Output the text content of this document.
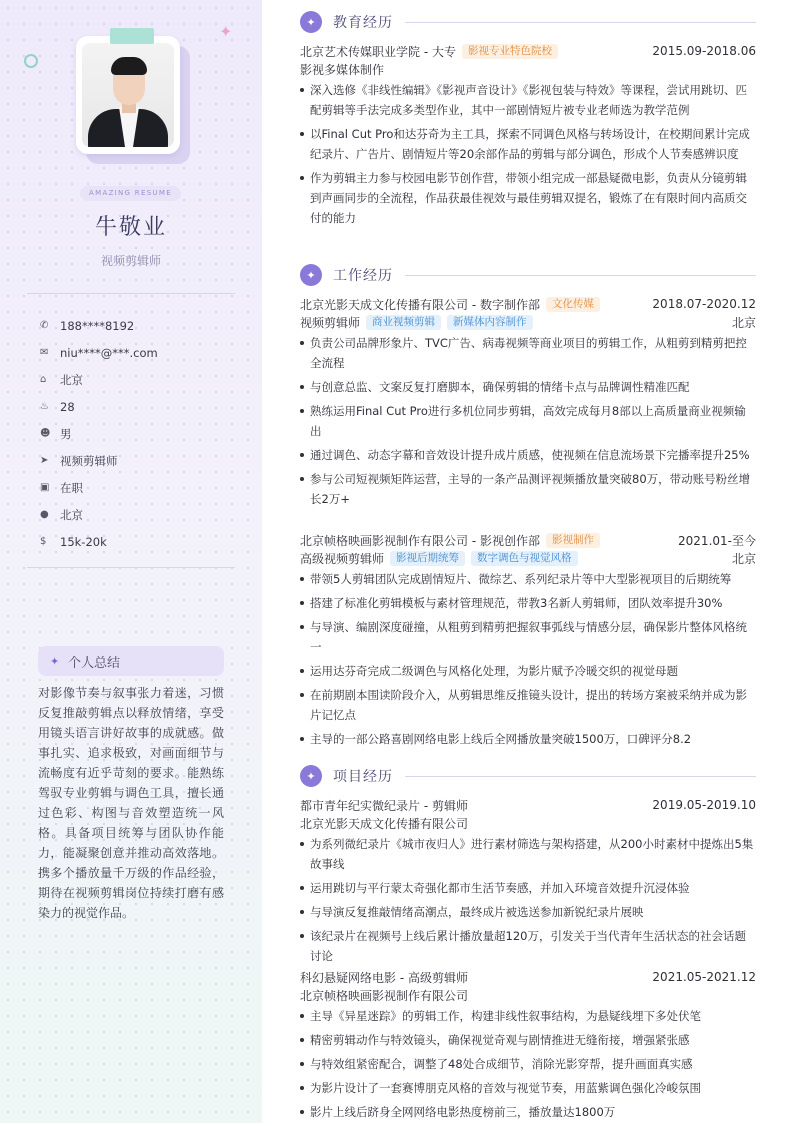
✦
AMAZING RESUME
牛敬业
视频剪辑师
✆	188****8192
✉	niu****@***.com
⌂	北京
♨ 28
☻ 男
➤	视频剪辑师
▣ 在职
● 北京
$	15k-20k
✦ 个人总结
对影像节奏与叙事张力着迷，习惯反复推敲剪辑点以释放情绪，享受用镜头语言讲好故事的成就感。做事扎实、追求极致，对画面细节与流畅度有近乎苛刻的要求。能熟练驾驭专业剪辑与调色工具，擅长通过色彩、构图与音效塑造统一风格。具备项目统筹与团队协作能力，能凝聚创意并推动高效落地。携多个播放量千万级的作品经验，期待在视频剪辑岗位持续打磨有感染力的视觉作品。
✦	教育经历
北京艺术传媒职业学院 - 大专	影视专业特色院校	2015.09-2018.06
影视多媒体制作
深入选修《非线性编辑》《影视声音设计》《影视包装与特效》等课程，尝试用跳切、匹配剪辑等手法完成多类型作业，其中一部剧情短片被专业老师选为教学范例
以Final Cut Pro和达芬奇为主工具，探索不同调色风格与转场设计，在校期间累计完成纪录片、广告片、剧情短片等20余部作品的剪辑与部分调色，形成个人节奏感辨识度
作为剪辑主力参与校园电影节创作营，带领小组完成一部悬疑微电影，负责从分镜剪辑到声画同步的全流程，作品获最佳视效与最佳剪辑双提名，锻炼了在有限时间内高质交付的能力
✦	工作经历
北京光影天成文化传播有限公司 - 数字制作部	文化传媒	2018.07-2020.12
视频剪辑师	商业视频剪辑	新媒体内容制作	北京
负责公司品牌形象片、TVC广告、病毒视频等商业项目的剪辑工作，从粗剪到精剪把控全流程
与创意总监、文案反复打磨脚本，确保剪辑的情绪卡点与品牌调性精准匹配
熟练运用Final Cut Pro进行多机位同步剪辑，高效完成每月8部以上高质量商业视频输出
通过调色、动态字幕和音效设计提升成片质感，使视频在信息流场景下完播率提升25%
参与公司短视频矩阵运营，主导的一条产品测评视频播放量突破80万，带动账号粉丝增长2万+
北京帧格映画影视制作有限公司 - 影视创作部	影视制作	2021.01-至今
高级视频剪辑师	影视后期统筹	数字调色与视觉风格	北京
带领5人剪辑团队完成剧情短片、微综艺、系列纪录片等中大型影视项目的后期统筹
搭建了标准化剪辑模板与素材管理规范，带教3名新人剪辑师，团队效率提升30%
与导演、编剧深度碰撞，从粗剪到精剪把握叙事弧线与情感分层，确保影片整体风格统一
运用达芬奇完成二级调色与风格化处理，为影片赋予冷暖交织的视觉母题
在前期剧本围读阶段介入，从剪辑思维反推镜头设计，提出的转场方案被采纳并成为影片记忆点
主导的一部公路喜剧网络电影上线后全网播放量突破1500万，口碑评分8.2
✦	项目经历
都市青年纪实微纪录片 - 剪辑师	2019.05-2019.10
北京光影天成文化传播有限公司
为系列微纪录片《城市夜归人》进行素材筛选与架构搭建，从200小时素材中提炼出5集故事线
运用跳切与平行蒙太奇强化都市生活节奏感，并加入环境音效提升沉浸体验
与导演反复推敲情绪高潮点，最终成片被选送参加新锐纪录片展映
该纪录片在视频号上线后累计播放量超120万，引发关于当代青年生活状态的社会话题讨论
科幻悬疑网络电影 - 高级剪辑师	2021.05-2021.12
北京帧格映画影视制作有限公司
主导《异星迷踪》的剪辑工作，构建非线性叙事结构，为悬疑线埋下多处伏笔
精密剪辑动作与特效镜头，确保视觉奇观与剧情推进无缝衔接，增强紧张感
与特效组紧密配合，调整了48处合成细节，消除光影穿帮，提升画面真实感
为影片设计了一套赛博朋克风格的音效与视觉节奏，用蓝紫调色强化冷峻氛围
影片上线后跻身全网网络电影热度榜前三，播放量达1800万
